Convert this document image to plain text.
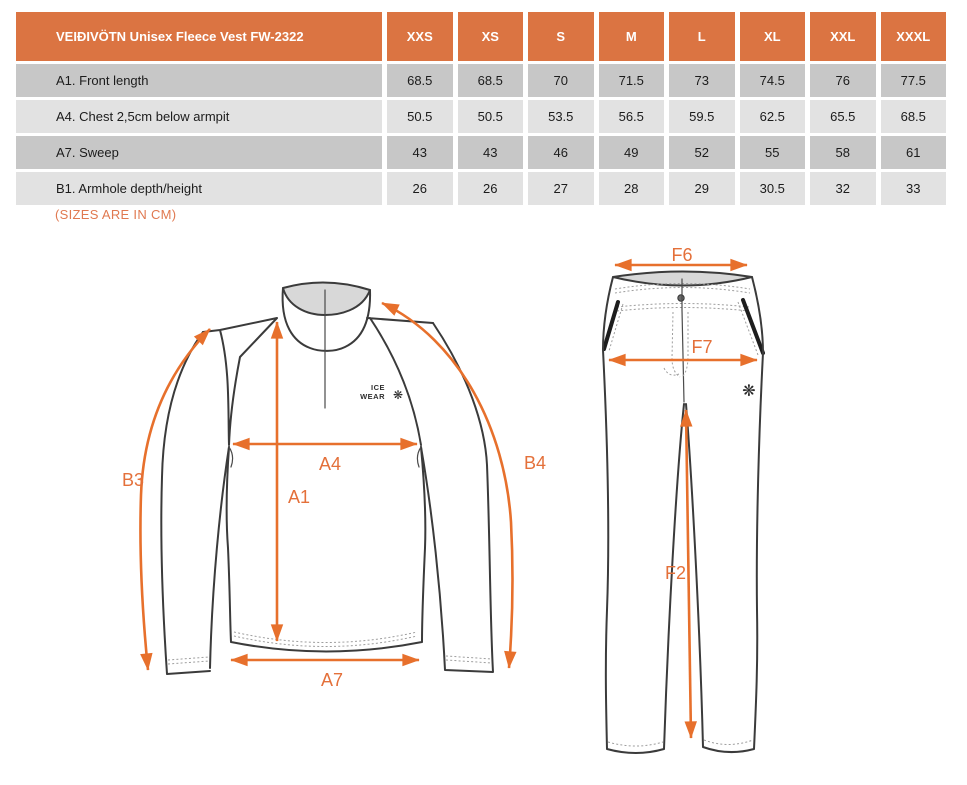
VEIÐIVÖTN Unisex Fleece Vest FW-2322	XXS	XS	S	M	L	XL	XXL	XXXL
A1. Front length	68.5	68.5	70	71.5	73	74.5	76	77.5
A4. Chest 2,5cm below armpit	50.5	50.5	53.5	56.5	59.5	62.5	65.5	68.5
A7. Sweep	43	43	46	49	52	55	58	61
B1. Armhole depth/height	26	26	27	28	29	30.5	32	33
(SIZES ARE IN CM)
ICE
WEAR ❋
A4
A1
A7
B3
B4
❋
F6
F7
F2
